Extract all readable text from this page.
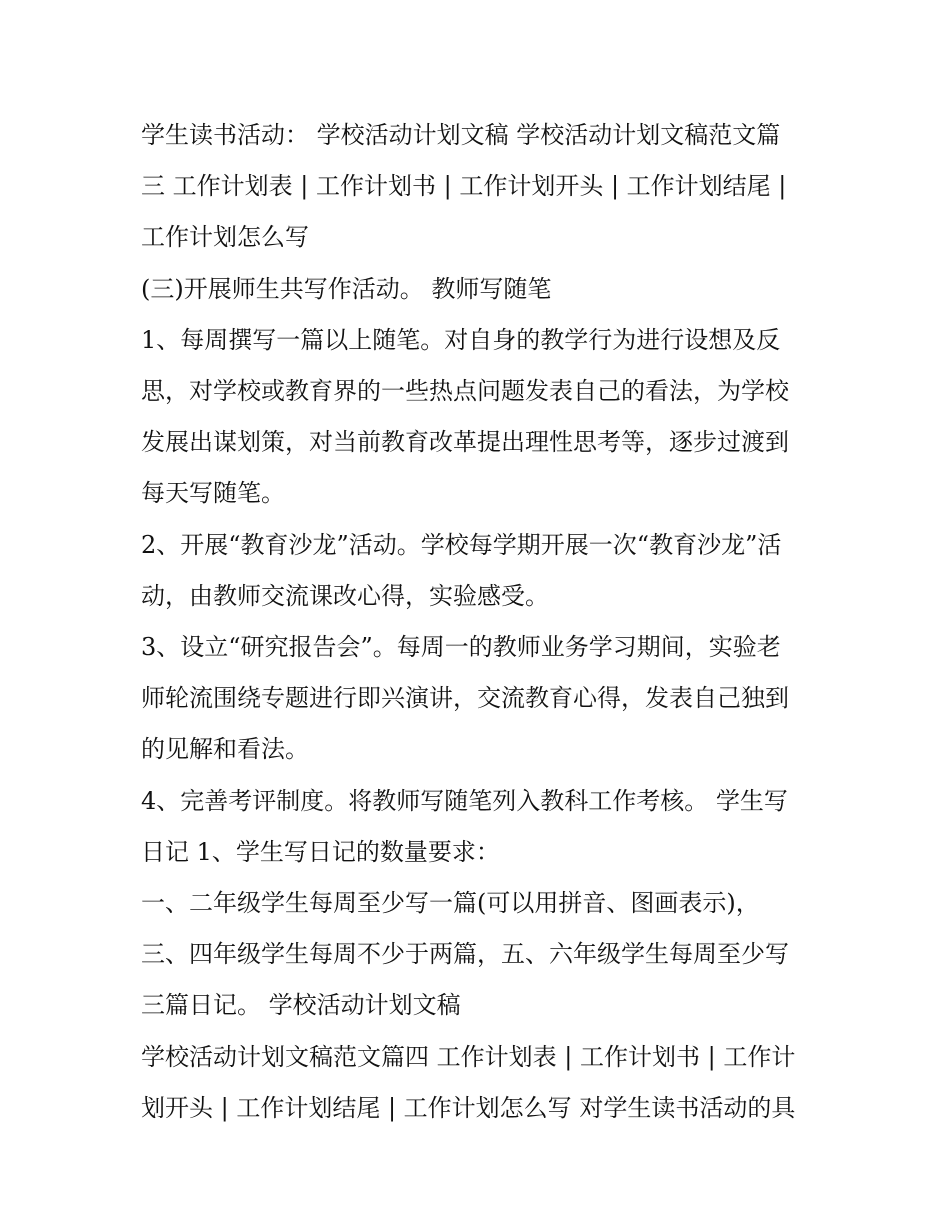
学生读书活动： 学校活动计划文稿 学校活动计划文稿范文篇

三 工作计划表 | 工作计划书 | 工作计划开头 | 工作计划结尾 |

工作计划怎么写

(三)开展师生共写作活动。 教师写随笔

1、每周撰写一篇以上随笔。对自身的教学行为进行设想及反

思，对学校或教育界的一些热点问题发表自己的看法，为学校

发展出谋划策，对当前教育改革提出理性思考等，逐步过渡到

每天写随笔。

2、开展“教育沙龙”活动。学校每学期开展一次“教育沙龙”活

动，由教师交流课改心得，实验感受。

3、设立“研究报告会”。每周一的教师业务学习期间，实验老

师轮流围绕专题进行即兴演讲，交流教育心得，发表自己独到

的见解和看法。

4、完善考评制度。将教师写随笔列入教科工作考核。 学生写

日记 1、学生写日记的数量要求：

一、二年级学生每周至少写一篇(可以用拼音、图画表示)，

三、四年级学生每周不少于两篇，五、六年级学生每周至少写

三篇日记。 学校活动计划文稿

学校活动计划文稿范文篇四 工作计划表 | 工作计划书 | 工作计

划开头 | 工作计划结尾 | 工作计划怎么写 对学生读书活动的具
